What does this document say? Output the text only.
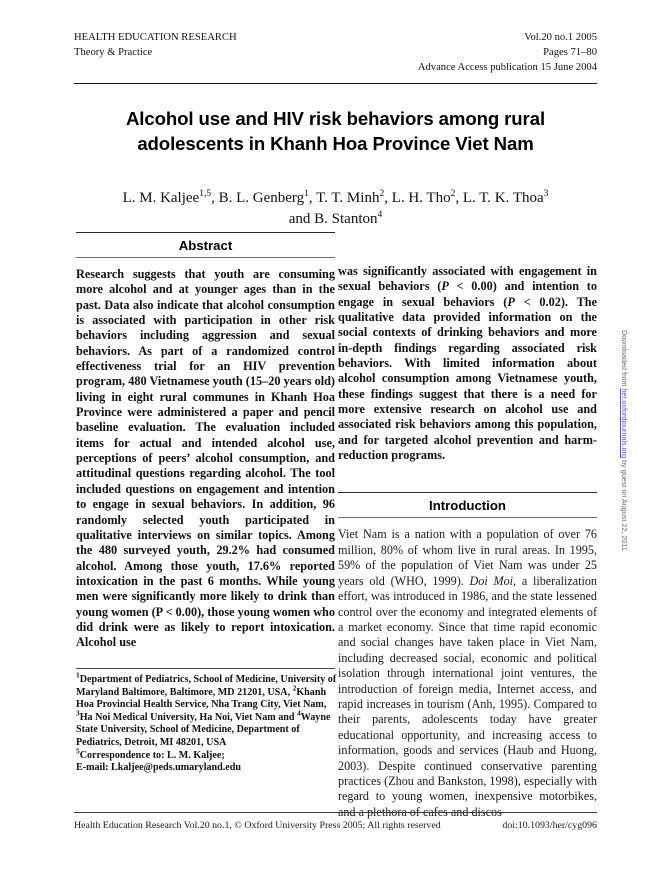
HEALTH EDUCATION RESEARCH
Theory & Practice
Vol.20 no.1 2005
Pages 71–80
Advance Access publication 15 June 2004
Alcohol use and HIV risk behaviors among rural adolescents in Khanh Hoa Province Viet Nam
L. M. Kaljee$^{1,5}$, B. L. Genberg$^1$, T. T. Minh$^2$, L. H. Tho$^2$, L. T. K. Thoa$^3$
and B. Stanton$^4$
Abstract

Research suggests that youth are consuming more alcohol and at younger ages than in the past. Data also indicate that alcohol consumption is associated with participation in other risk behaviors including aggression and sexual behaviors. As part of a randomized control effectiveness trial for an HIV prevention program, 480 Vietnamese youth (15–20 years old) living in eight rural communes in Khanh Hoa Province were administered a paper and pencil baseline evaluation. The evaluation included items for actual and intended alcohol use, perceptions of peers’ alcohol consumption, and attitudinal questions regarding alcohol. The tool included questions on engagement and intention to engage in sexual behaviors. In addition, 96 randomly selected youth participated in qualitative interviews on similar topics. Among the 480 surveyed youth, 29.2% had consumed alcohol. Among those youth, 17.6% reported intoxication in the past 6 months. While young men were significantly more likely to drink than young women (P < 0.00), those young women who did drink were as likely to report intoxication. Alcohol use

was significantly associated with engagement in sexual behaviors (P < 0.00) and intention to engage in sexual behaviors (P < 0.02). The qualitative data provided information on the social contexts of drinking behaviors and more in-depth findings regarding associated risk behaviors. With limited information about alcohol consumption among Vietnamese youth, these findings suggest that there is a need for more extensive research on alcohol use and associated risk behaviors among this population, and for targeted alcohol prevention and harm-reduction programs.

Introduction

Viet Nam is a nation with a population of over 76 million, 80% of whom live in rural areas. In 1995, 59% of the population of Viet Nam was under 25 years old (WHO, 1999). Doi Moi, a liberalization effort, was introduced in 1986, and the state lessened control over the economy and integrated elements of a market economy. Since that time rapid economic and social changes have taken place in Viet Nam, including decreased social, economic and political isolation through international joint ventures, the introduction of foreign media, Internet access, and rapid increases in tourism (Anh, 1995). Compared to their parents, adolescents today have greater educational opportunity, and increasing access to information, goods and services (Haub and Huong, 2003). Despite continued conservative parenting practices (Zhou and Bankston, 1998), especially with regard to young women, inexpensive motorbikes, and a plethora of cafes and discos

$^1$Department of Pediatrics, School of Medicine, University of Maryland Baltimore, Baltimore, MD 21201, USA, $^2$Khanh Hoa Provincial Health Service, Nha Trang City, Viet Nam, $^3$Ha Noi Medical University, Ha Noi, Viet Nam and $^4$Wayne State University, School of Medicine, Department of Pediatrics, Detroit, MI 48201, USA
$^5$Correspondence to: L. M. Kaljee;
E-mail: Lkaljee@peds.umaryland.edu
Health Education Research Vol.20 no.1, © Oxford University Press 2005; All rights reserved	doi:10.1093/her/cyg096
Downloaded from her.oxfordjournals.org by guest on August 22, 2011
